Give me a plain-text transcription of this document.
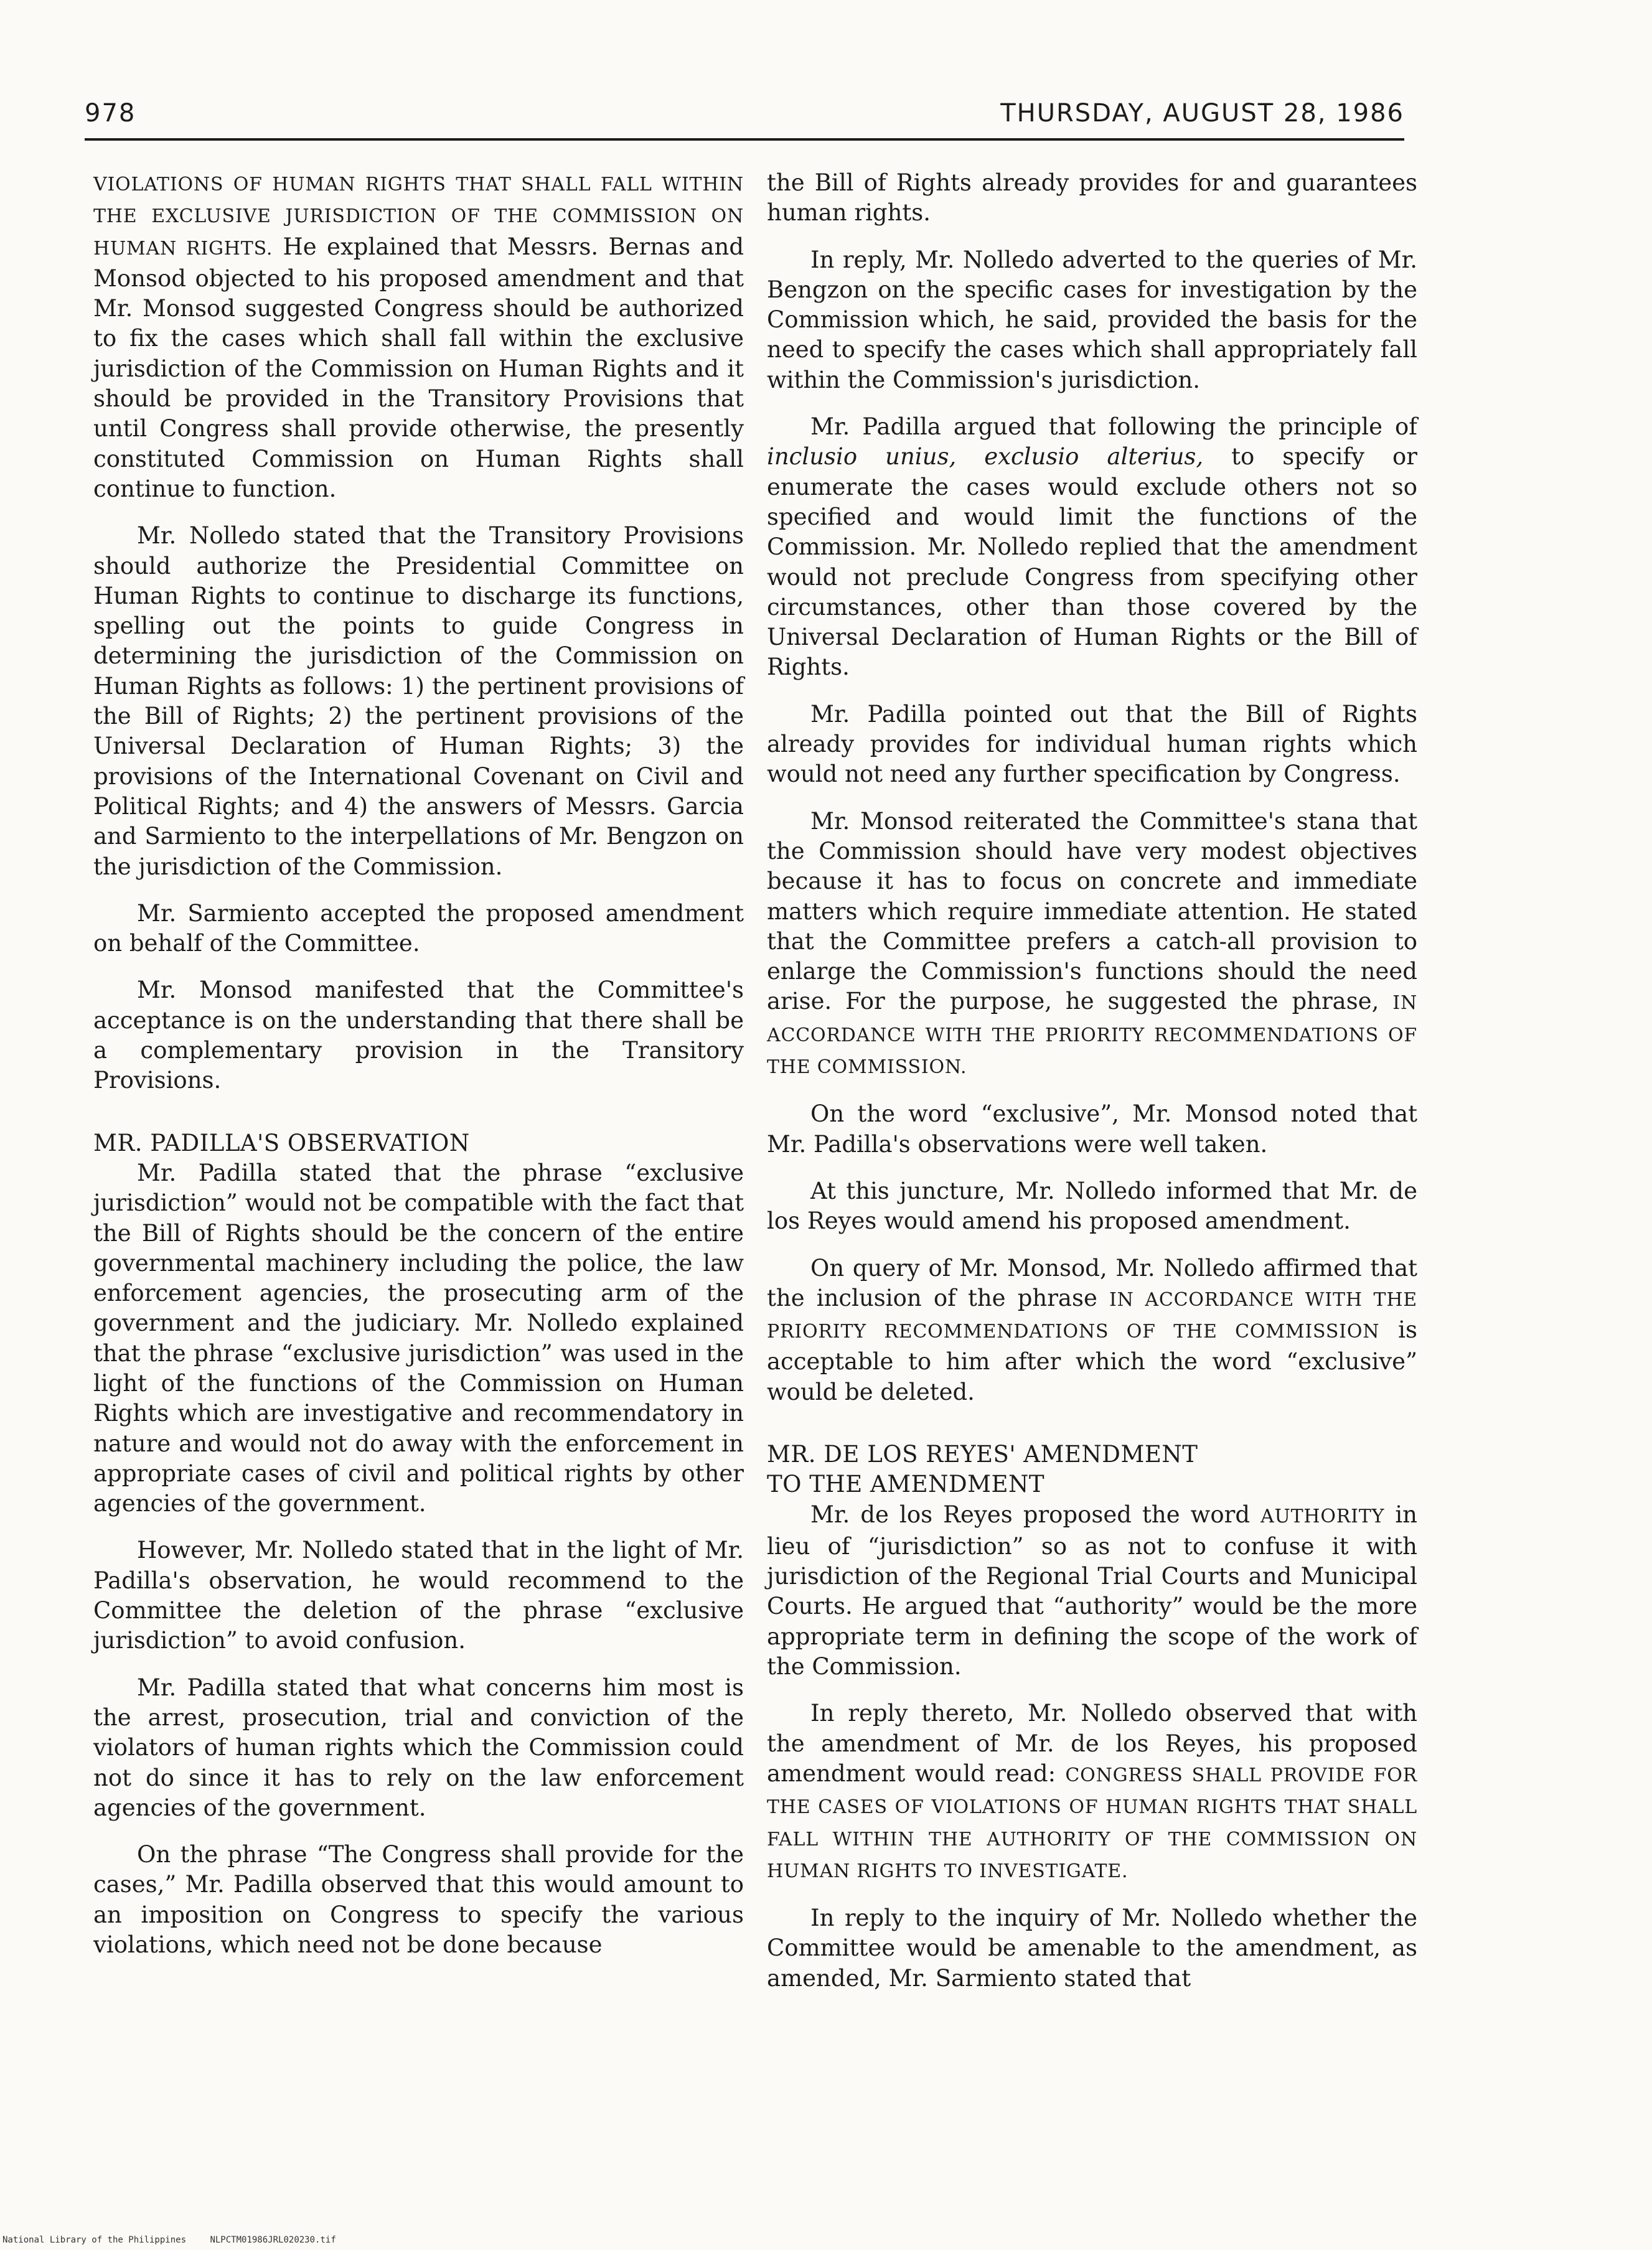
978	THURSDAY, AUGUST 28, 1986

VIOLATIONS OF HUMAN RIGHTS THAT SHALL FALL WITHIN THE EXCLUSIVE JURISDICTION OF THE COMMISSION ON HUMAN RIGHTS. He explained that Messrs. Bernas and Monsod objected to his proposed amendment and that Mr. Monsod suggested Congress should be authorized to fix the cases which shall fall within the exclusive jurisdiction of the Commission on Human Rights and it should be provided in the Transitory Provisions that until Congress shall provide otherwise, the presently constituted Commission on Human Rights shall continue to function.

Mr. Nolledo stated that the Transitory Provisions should authorize the Presidential Committee on Human Rights to continue to discharge its functions, spelling out the points to guide Congress in determining the jurisdiction of the Commission on Human Rights as follows: 1) the pertinent provisions of the Bill of Rights; 2) the pertinent provisions of the Universal Declaration of Human Rights; 3) the provisions of the International Covenant on Civil and Political Rights; and 4) the answers of Messrs. Garcia and Sarmiento to the interpellations of Mr. Bengzon on the jurisdiction of the Commission.

Mr. Sarmiento accepted the proposed amendment on behalf of the Committee.

Mr. Monsod manifested that the Committee's acceptance is on the understanding that there shall be a complementary provision in the Transitory Provisions.

MR. PADILLA'S OBSERVATION

Mr. Padilla stated that the phrase “exclusive jurisdiction” would not be compatible with the fact that the Bill of Rights should be the concern of the entire governmental machinery including the police, the law enforcement agencies, the prosecuting arm of the government and the judiciary. Mr. Nolledo explained that the phrase “exclusive jurisdiction” was used in the light of the functions of the Commission on Human Rights which are investigative and recommendatory in nature and would not do away with the enforcement in appropriate cases of civil and political rights by other agencies of the government.

However, Mr. Nolledo stated that in the light of Mr. Padilla's observation, he would recommend to the Committee the deletion of the phrase “exclusive jurisdiction” to avoid confusion.

Mr. Padilla stated that what concerns him most is the arrest, prosecution, trial and conviction of the violators of human rights which the Commission could not do since it has to rely on the law enforcement agencies of the government.

On the phrase “The Congress shall provide for the cases,” Mr. Padilla observed that this would amount to an imposition on Congress to specify the various violations, which need not be done because

the Bill of Rights already provides for and guarantees human rights.

In reply, Mr. Nolledo adverted to the queries of Mr. Bengzon on the specific cases for investigation by the Commission which, he said, provided the basis for the need to specify the cases which shall appropriately fall within the Commission's jurisdiction.

Mr. Padilla argued that following the principle of inclusio unius, exclusio alterius, to specify or enumerate the cases would exclude others not so specified and would limit the functions of the Commission. Mr. Nolledo replied that the amendment would not preclude Congress from specifying other circumstances, other than those covered by the Universal Declaration of Human Rights or the Bill of Rights.

Mr. Padilla pointed out that the Bill of Rights already provides for individual human rights which would not need any further specification by Congress.

Mr. Monsod reiterated the Committee's stanа that the Commission should have very modest objectives because it has to focus on concrete and immediate matters which require immediate attention. He stated that the Committee prefers a catch-all provision to enlarge the Commission's functions should the need arise. For the purpose, he suggested the phrase, IN ACCORDANCE WITH THE PRIORITY RECOMMENDATIONS OF THE COMMISSION.

On the word “exclusive”, Mr. Monsod noted that Mr. Padilla's observations were well taken.

At this juncture, Mr. Nolledo informed that Mr. de los Reyes would amend his proposed amendment.

On query of Mr. Monsod, Mr. Nolledo affirmed that the inclusion of the phrase IN ACCORDANCE WITH THE PRIORITY RECOMMENDATIONS OF THE COMMISSION is acceptable to him after which the word “exclusive” would be deleted.

MR. DE LOS REYES' AMENDMENT
TO THE AMENDMENT

Mr. de los Reyes proposed the word AUTHORITY in lieu of “jurisdiction” so as not to confuse it with jurisdiction of the Regional Trial Courts and Municipal Courts. He argued that “authority” would be the more appropriate term in defining the scope of the work of the Commission.

In reply thereto, Mr. Nolledo observed that with the amendment of Mr. de los Reyes, his proposed amendment would read: CONGRESS SHALL PROVIDE FOR THE CASES OF VIOLATIONS OF HUMAN RIGHTS THAT SHALL FALL WITHIN THE AUTHORITY OF THE COMMISSION ON HUMAN RIGHTS TO INVESTIGATE.

In reply to the inquiry of Mr. Nolledo whether the Committee would be amenable to the amendment, as amended, Mr. Sarmiento stated that

National Library of the Philippines	NLPCTM01986JRL020230.tif
